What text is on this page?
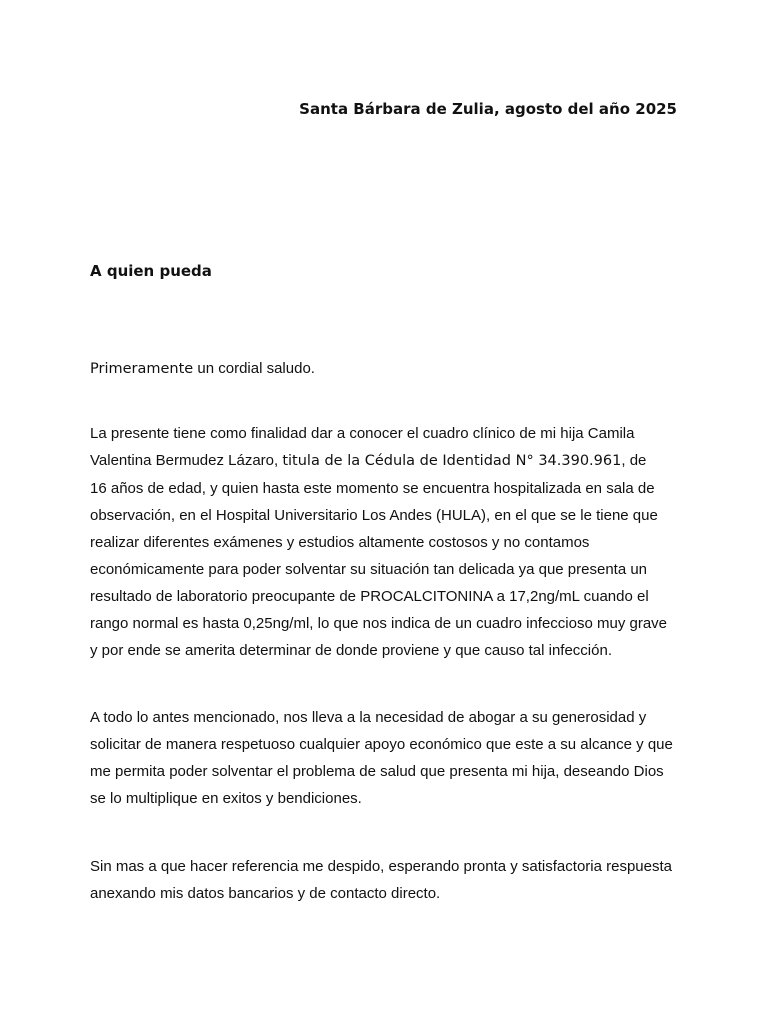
Santa Bárbara de Zulia, agosto del año 2025
A quien pueda

Primeramente un cordial saludo.

La presente tiene como finalidad dar a conocer el cuadro clínico de mi hija Camila
Valentina Bermudez Lázaro, titula de la Cédula de Identidad N° 34.390.961, de
16 años de edad, y quien hasta este momento se encuentra hospitalizada en sala de
observación, en el Hospital Universitario Los Andes (HULA), en el que se le tiene que
realizar diferentes exámenes y estudios altamente costosos y no contamos
económicamente para poder solventar su situación tan delicada ya que presenta un
resultado de laboratorio preocupante de PROCALCITONINA a 17,2ng/mL cuando el
rango normal es hasta 0,25ng/ml, lo que nos indica de un cuadro infeccioso muy grave
y por ende se amerita determinar de donde proviene y que causo tal infección.

A todo lo antes mencionado, nos lleva a la necesidad de abogar a su generosidad y
solicitar de manera respetuoso cualquier apoyo económico que este a su alcance y que
me permita poder solventar el problema de salud que presenta mi hija, deseando Dios
se lo multiplique en exitos y bendiciones.

Sin mas a que hacer referencia me despido, esperando pronta y satisfactoria respuesta
anexando mis datos bancarios y de contacto directo.
